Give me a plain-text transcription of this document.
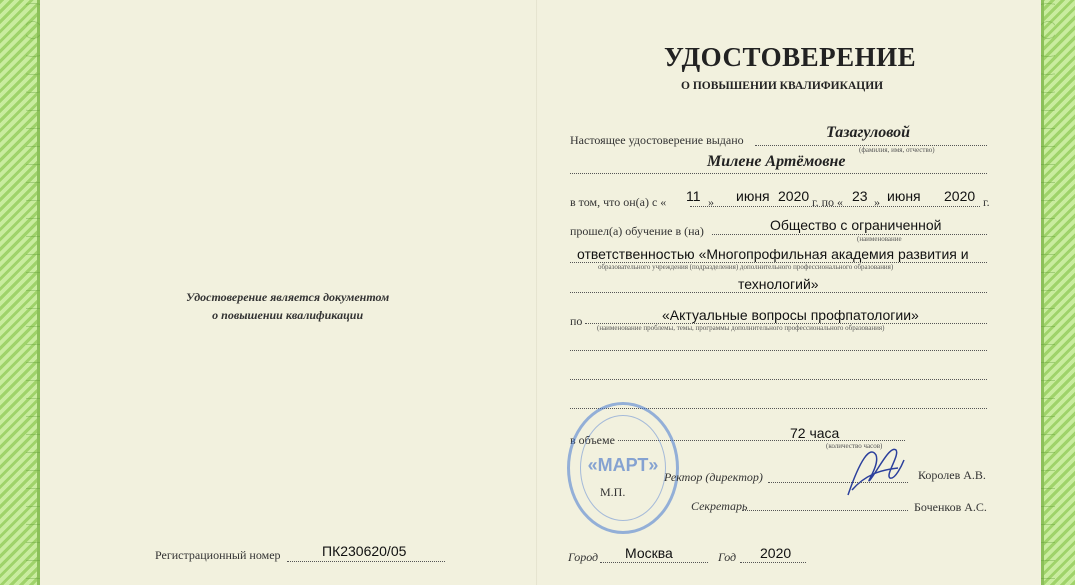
Удостоверение является документом
о повышении квалификации
Регистрационный номер	ПК230620/05
УДОСТОВЕРЕНИЕ
О ПОВЫШЕНИИ КВАЛИФИКАЦИИ
Настоящее удостоверение выдано	Тазагуловой
(фамилия, имя, отчество)
Милене Артёмовне
в том, что он(а) с « 11 » июня 2020 г. по « 23 » июня 2020 г.
прошел(а) обучение в (на)	Общество с ограниченной
(наименование
ответственностью «Многопрофильная академия развития и
образовательного учреждения (подразделения) дополнительного профессионального образования)
технологий»
по	«Актуальные вопросы профпатологии»
(наименование проблемы, темы, программы дополнительного профессионального образования)
в объеме	72 часа
(количество часов)
«МАРТ»
М.П.
Ректор (директор)	Королев А.В.
Секретарь	Боченков А.С.
Город Москва	Год 2020
